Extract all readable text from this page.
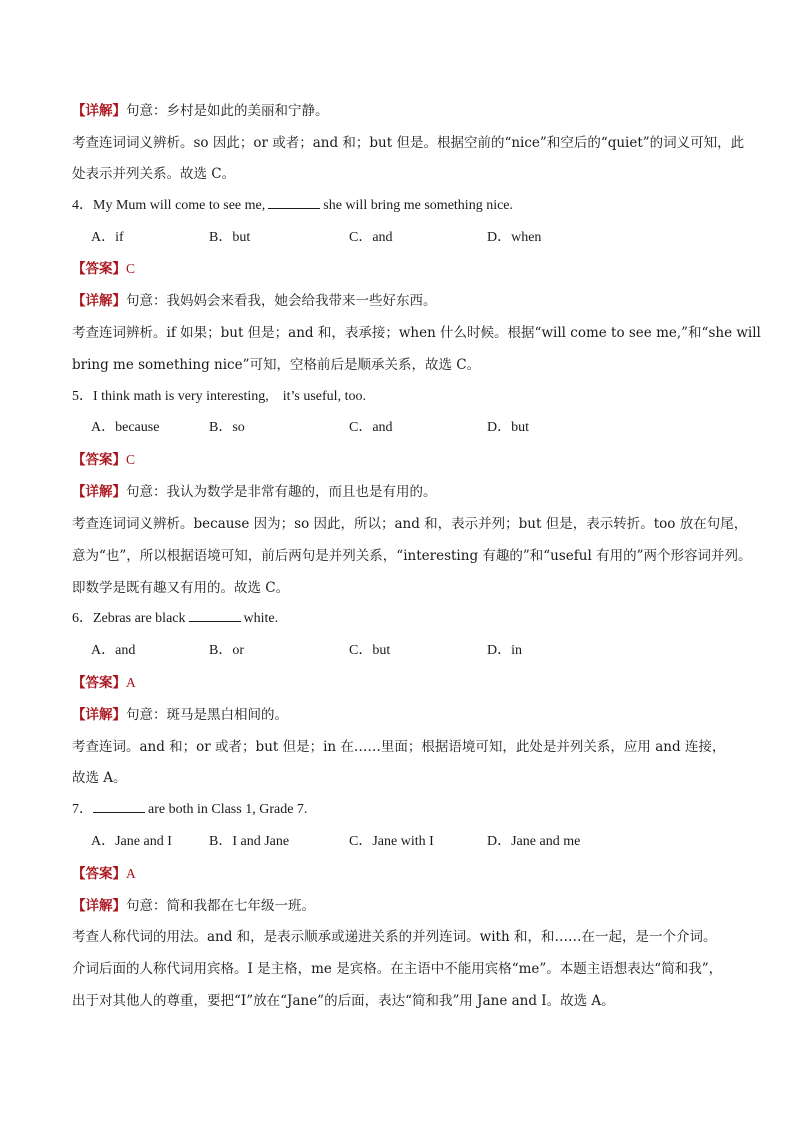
【详解】句意：乡村是如此的美丽和宁静。
考查连词词义辨析。so 因此；or 或者；and 和；but 但是。根据空前的“nice”和空后的“quiet”的词义可知，此
处表示并列关系。故选 C。
4．My Mum will come to see me,	she will bring me something nice.
A．if	B．but	C．and	D．when
【答案】C
【详解】句意：我妈妈会来看我，她会给我带来一些好东西。
考查连词辨析。if 如果；but 但是；and 和，表承接；when 什么时候。根据“will come to see me,”和“she will
bring me something nice”可知，空格前后是顺承关系，故选 C。
5．I think math is very interesting,    it’s useful, too.
A．because	B．so	C．and	D．but
【答案】C
【详解】句意：我认为数学是非常有趣的，而且也是有用的。
考查连词词义辨析。because 因为；so 因此，所以；and 和，表示并列；but 但是，表示转折。too 放在句尾，
意为“也”，所以根据语境可知，前后两句是并列关系，“interesting 有趣的”和“useful 有用的”两个形容词并列。
即数学是既有趣又有用的。故选 C。
6．Zebras are black	white.
A．and	B．or	C．but	D．in
【答案】A
【详解】句意：斑马是黑白相间的。
考查连词。and 和；or 或者；but 但是；in 在……里面；根据语境可知，此处是并列关系，应用 and 连接，
故选 A。
7．	are both in Class 1, Grade 7.
A．Jane and I	B．I and Jane	C．Jane with I	D．Jane and me
【答案】A
【详解】句意：简和我都在七年级一班。
考查人称代词的用法。and 和，是表示顺承或递进关系的并列连词。with 和，和……在一起，是一个介词。
介词后面的人称代词用宾格。I 是主格，me 是宾格。在主语中不能用宾格“me”。本题主语想表达“简和我”，
出于对其他人的尊重，要把“I”放在“Jane”的后面，表达“简和我”用 Jane and I。故选 A。
